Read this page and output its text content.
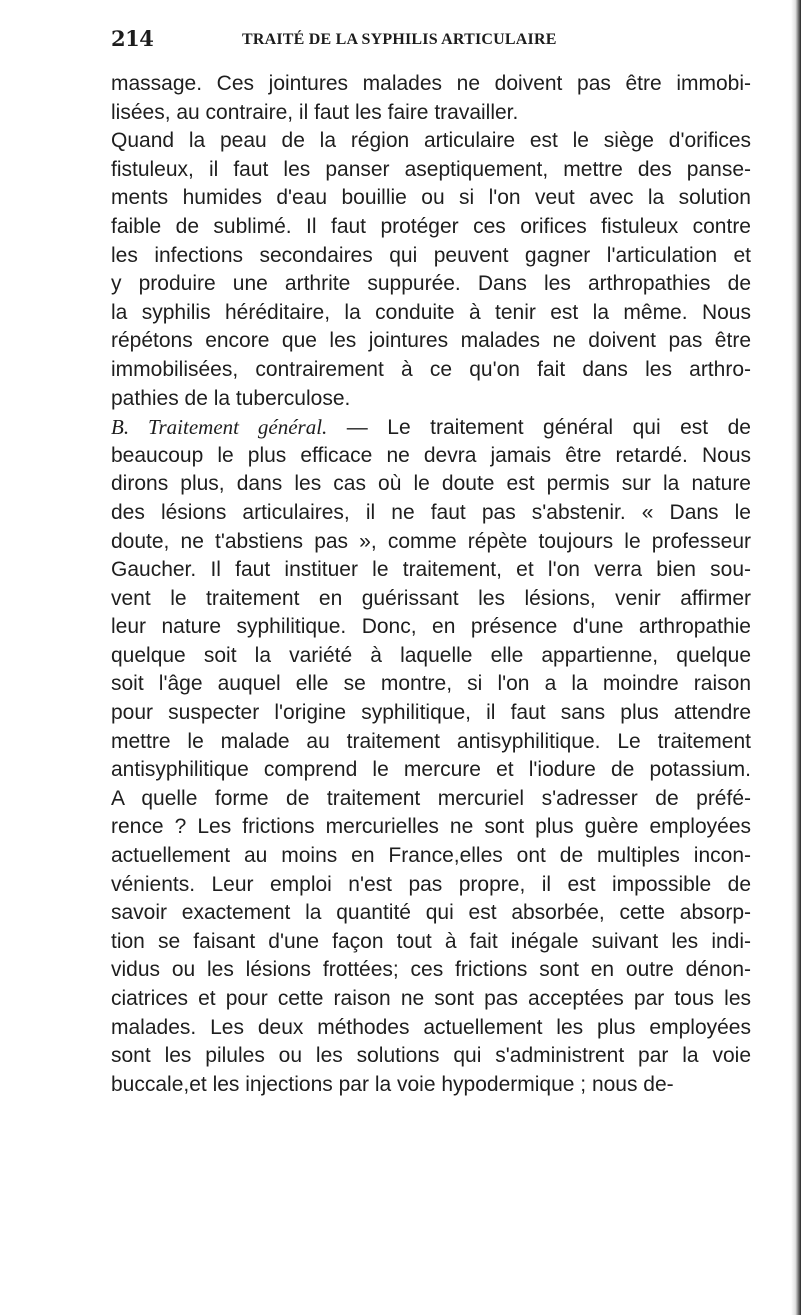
214	TRAITÉ DE LA SYPHILIS ARTICULAIRE
massage. Ces jointures malades ne doivent pas être immobi-
lisées, au contraire, il faut les faire travailler.
Quand la peau de la région articulaire est le siège d'orifices
fistuleux, il faut les panser aseptiquement, mettre des panse-
ments humides d'eau bouillie ou si l'on veut avec la solution
faible de sublimé. Il faut protéger ces orifices fistuleux contre
les infections secondaires qui peuvent gagner l'articulation et
y produire une arthrite suppurée. Dans les arthropathies de
la syphilis héréditaire, la conduite à tenir est la même. Nous
répétons encore que les jointures malades ne doivent pas être
immobilisées, contrairement à ce qu'on fait dans les arthro-
pathies de la tuberculose.
B. Traitement général. — Le traitement général qui est de
beaucoup le plus efficace ne devra jamais être retardé. Nous
dirons plus, dans les cas où le doute est permis sur la nature
des lésions articulaires, il ne faut pas s'abstenir. « Dans le
doute, ne t'abstiens pas », comme répète toujours le professeur
Gaucher. Il faut instituer le traitement, et l'on verra bien sou-
vent le traitement en guérissant les lésions, venir affirmer
leur nature syphilitique. Donc, en présence d'une arthropathie
quelque soit la variété à laquelle elle appartienne, quelque
soit l'âge auquel elle se montre, si l'on a la moindre raison
pour suspecter l'origine syphilitique, il faut sans plus attendre
mettre le malade au traitement antisyphilitique. Le traitement
antisyphilitique comprend le mercure et l'iodure de potassium.
A quelle forme de traitement mercuriel s'adresser de préfé-
rence ? Les frictions mercurielles ne sont plus guère employées
actuellement au moins en France,elles ont de multiples incon-
vénients. Leur emploi n'est pas propre, il est impossible de
savoir exactement la quantité qui est absorbée, cette absorp-
tion se faisant d'une façon tout à fait inégale suivant les indi-
vidus ou les lésions frottées; ces frictions sont en outre dénon-
ciatrices et pour cette raison ne sont pas acceptées par tous les
malades. Les deux méthodes actuellement les plus employées
sont les pilules ou les solutions qui s'administrent par la voie
buccale,et les injections par la voie hypodermique ; nous de-
